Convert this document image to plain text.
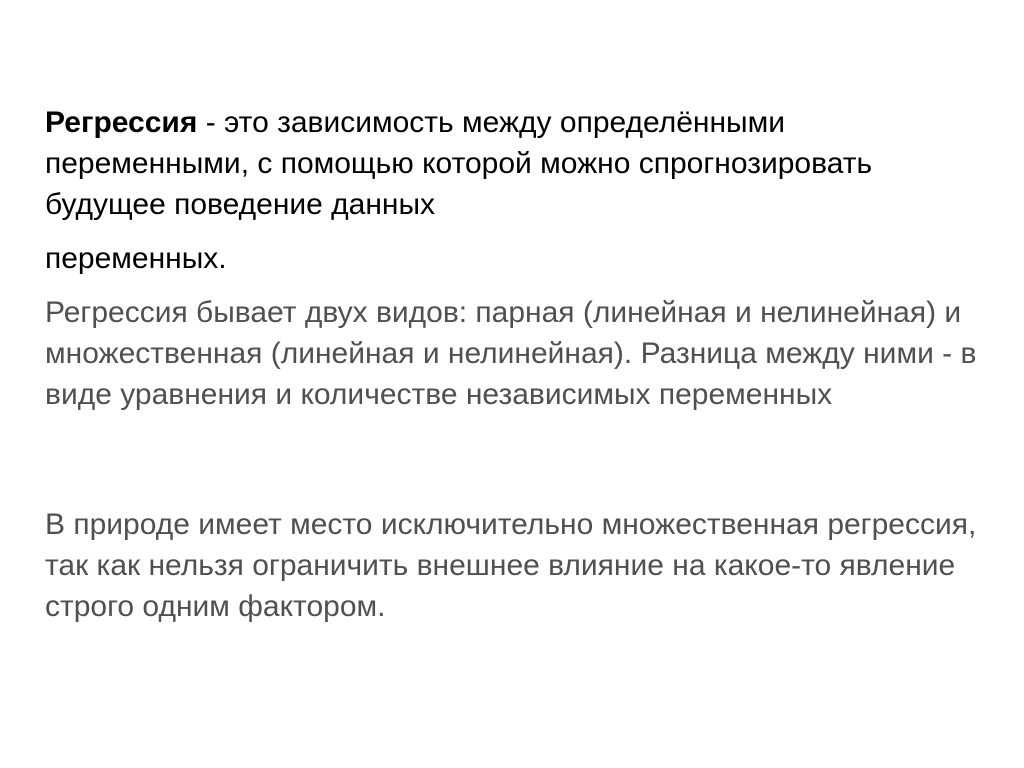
Регрессия - это зависимость между определёнными переменными, с помощью которой можно спрогнозировать будущее поведение данных
переменных.

Регрессия бывает двух видов: парная (линейная и нелинейная) и множественная (линейная и нелинейная). Разница между ними - в виде уравнения и количестве независимых переменных

В природе имеет место исключительно множественная регрессия, так как нельзя ограничить внешнее влияние на какое-то явление строго одним фактором.
